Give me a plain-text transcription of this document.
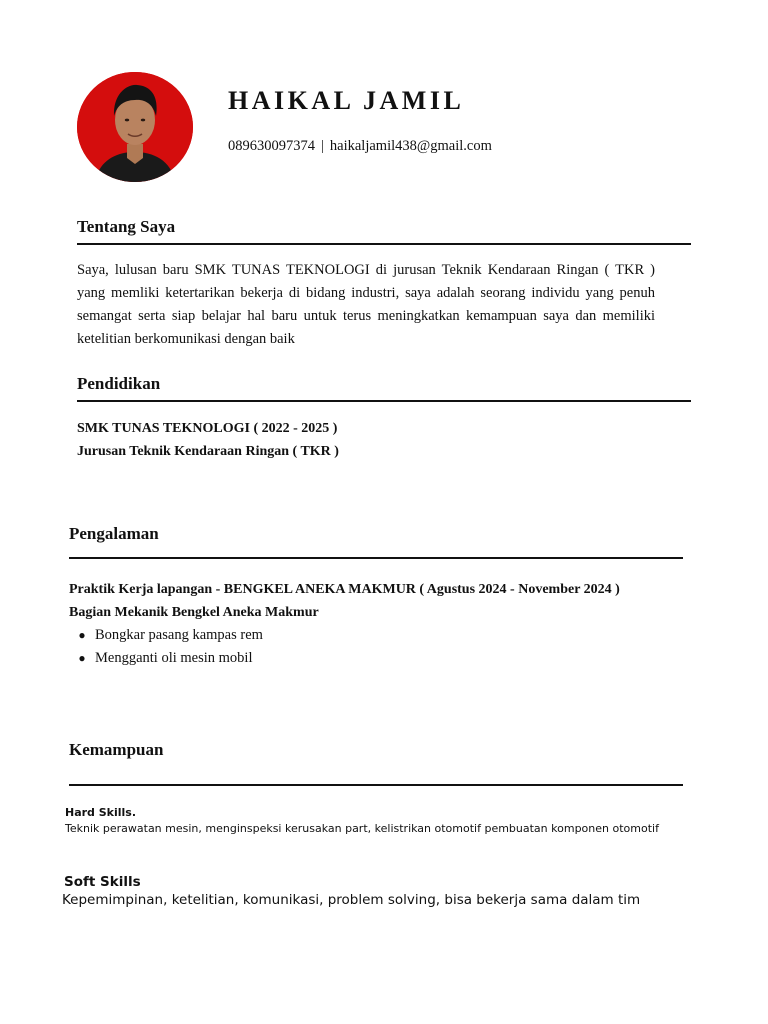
HAIKAL JAMIL
089630097374 | haikaljamil438@gmail.com
Tentang Saya

Saya, lulusan baru SMK TUNAS TEKNOLOGI di jurusan Teknik Kendaraan Ringan ( TKR ) yang memliki ketertarikan bekerja di bidang industri, saya adalah seorang individu yang penuh semangat serta siap belajar hal baru untuk terus meningkatkan kemampuan saya dan memiliki ketelitian berkomunikasi dengan baik

Pendidikan
SMK TUNAS TEKNOLOGI ( 2022 - 2025 )
Jurusan Teknik Kendaraan Ringan ( TKR )
Pengalaman
Praktik Kerja lapangan - BENGKEL ANEKA MAKMUR ( Agustus 2024 - November 2024 )
Bagian Mekanik Bengkel Aneka Makmur
● Bongkar pasang kampas rem
● Mengganti oli mesin mobil
Kemampuan
Hard Skills.
Teknik perawatan mesin, menginspeksi kerusakan part, kelistrikan otomotif pembuatan komponen otomotif
Soft Skills
Kepemimpinan, ketelitian, komunikasi, problem solving, bisa bekerja sama dalam tim
